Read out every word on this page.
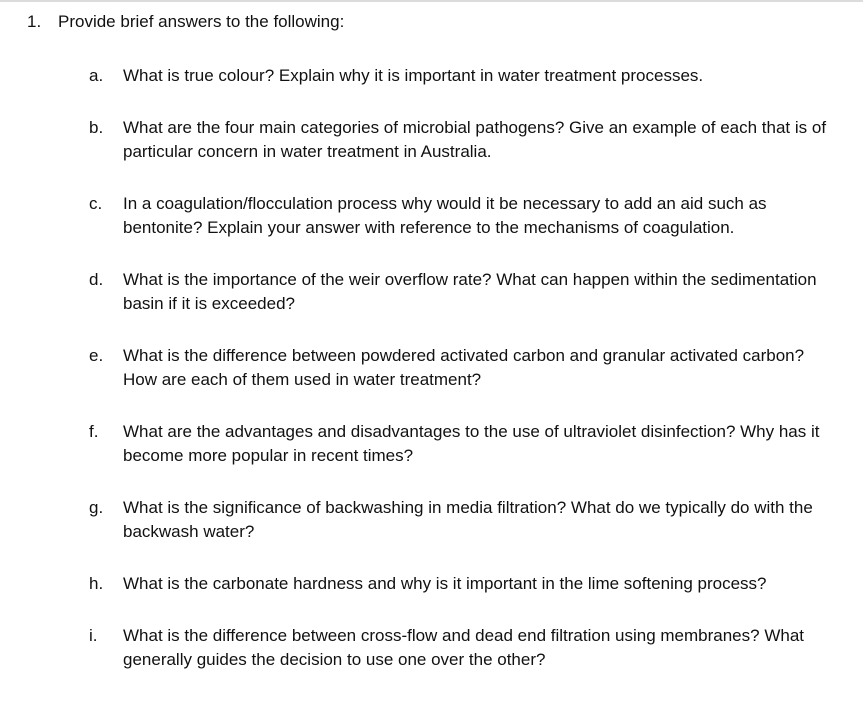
1. Provide brief answers to the following:
a.	What is true colour? Explain why it is important in water treatment processes.
b.	What are the four main categories of microbial pathogens? Give an example of each that is of particular concern in water treatment in Australia.
c.	In a coagulation/flocculation process why would it be necessary to add an aid such as bentonite? Explain your answer with reference to the mechanisms of coagulation.
d.	What is the importance of the weir overflow rate? What can happen within the sedimentation basin if it is exceeded?
e.	What is the difference between powdered activated carbon and granular activated carbon? How are each of them used in water treatment?
f.	What are the advantages and disadvantages to the use of ultraviolet disinfection? Why has it become more popular in recent times?
g.	What is the significance of backwashing in media filtration? What do we typically do with the backwash water?
h.	What is the carbonate hardness and why is it important in the lime softening process?
i.	What is the difference between cross-flow and dead end filtration using membranes? What generally guides the decision to use one over the other?
